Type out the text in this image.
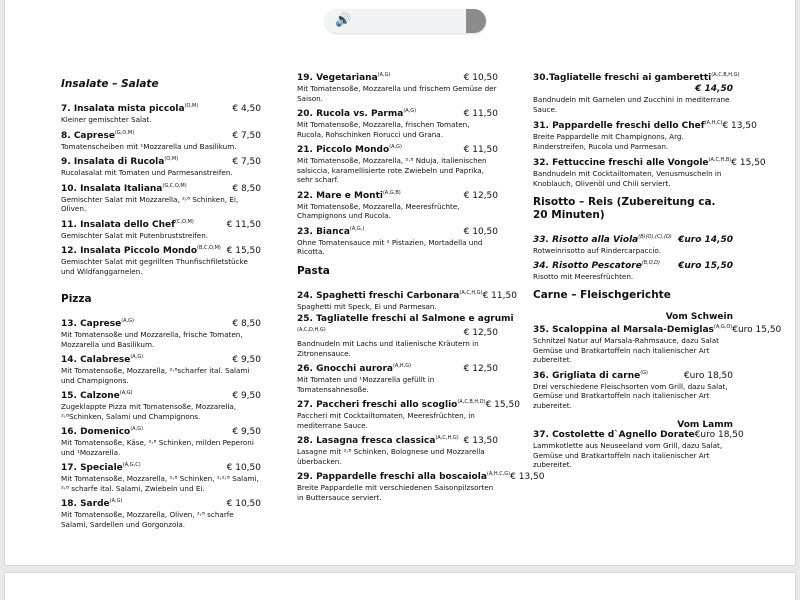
🔊
Insalate – Salate
7. Insalata mista piccola$^{(O,M)}$	€ 4,50
Kleiner gemischter Salat.
8. Caprese$^{(G,O,M)}$	€ 7,50
Tomatenscheiben mit ¹Mozzarella und Basilikum.
9. Insalata di Rucola$^{(O,M)}$	€ 7,50
Rucolasalat mit Tomaten und Parmesanstreifen.
10. Insalata Italiana$^{(G,C,O,M)}$	€ 8,50
Gemischter Salat mit Mozzarella, ²˒⁸ Schinken, Ei, Oliven.
11. Insalata dello Chef$^{(C,O,M)}$	€ 11,50
Gemischter Salat mit Putenbruststreifen.
12. Insalata Piccolo Mondo$^{(B,C,O,M)}$ € 15,50
Gemischter Salat mit gegrillten Thunfischfiletstücke und Wildfanggarnelen.
Pizza
13. Caprese$^{(A,G)}$	€ 8,50
Mit Tomatensoße und Mozzarella, frische Tomaten, Mozzarella und Basilikum.
14. Calabrese$^{(A,G)}$	€ 9,50
Mit Tomatensoße, Mozzarella, ²˒⁸scharfer ital. Salami und Champignons.
15. Calzone$^{(A,G)}$	€ 9,50
Zugeklappte Pizza mit Tomatensoße, Mozzarella, ²˒⁸Schinken, Salami und Champignons.
16. Domenico$^{(A,G)}$	€ 9,50
Mit Tomatensoße, Käse, ²˒⁸ Schinken, milden Peperoni und ¹Mozzarella.
17. Speciale$^{(A,G,C)}$	€ 10,50
Mit Tomatensoße, Mozzarella, ²˒⁸ Schinken, ¹˒²˒⁸ Salami, ²˒⁸ scharfe ital. Salami, Zwiebeln und Ei.
18. Sarde$^{(A,G)}$	€ 10,50
Mit Tomatensoße, Mozzarella, Oliven, ²˒⁸ scharfe Salami, Sardellen und Gorgonzola.
19. Vegetariana$^{(A,G)}$	€ 10,50
Mit Tomatensoße, Mozzarella und frischem Gemüse der Saison.
20. Rucola vs. Parma$^{(A,G)}$	€ 11,50
Mit Tomatensoße, Mozzarella, frischen Tomaten, Rucola, Rohschinken Fiorucci und Grana.
21. Piccolo Mondo$^{(A,G)}$	€ 11,50
Mit Tomatensoße, Mozzarella, ²˒⁸ Nduja, italienischen salsiccia, karamellisierte rote Zwiebeln und Paprika, sehr scharf.
22. Mare e Monti$^{(A,G,B)}$	€ 12,50
Mit Tomatensoße, Mozzarella, Meeresfrüchte, Champignons und Rucola.
23. Bianca$^{(A,G,)}$	€ 10,50
Ohne Tomatensauce mit ² Pistazien, Mortadella und Ricotta.
Pasta
24. Spaghetti freschi Carbonara$^{(A,C,H,G)}$ € 11,50
Spaghetti mit Speck, Ei und Parmesan.
25. Tagliatelle freschi al Salmone e agrumi
$^{(A,C,D,H,G)}$	€ 12,50
Bandnudeln mit Lachs und italienische Kräutern in Zitronensauce.
26. Gnocchi aurora$^{(A,H,G)}$	€ 12,50
Mit Tomaten und ¹Mozzarella gefüllt in Tomatensahnesoße.
27. Paccheri freschi allo scoglio$^{(A,C,B,H,D)}$ € 15,50
Paccheri mit Cocktailtomaten, Meeresfrüchten, in mediterrane Sauce.
28. Lasagna fresca classica$^{(A,C,H,G)}$ € 13,50
Lasagne mit ²˒⁸ Schinken, Bolognese und Mozzarella überbacken.
29. Pappardelle freschi alla boscaiola$^{(A,H,C,G)}$ € 13,50
Breite Pappardelle mit verschiedenen Saisonpilzsorten in Buttersauce serviert.
30.Tagliatelle freschi ai gamberetti$^{(A,C,B,H,G)}$
€ 14,50
Bandnudeln mit Garnelen und Zucchini in mediterrane Sauce.
31. Pappardelle freschi dello Chef$^{(A,H,C)}$ € 13,50
Breite Pappardelle mit Champignons, Arg. Rinderstreifen, Rucola und Parmesan.
32. Fettuccine freschi alle Vongole$^{(A,C,H,B)}$ € 15,50
Bandnudeln mit Cocktailtomaten, Venusmuscheln in Knoblauch, Olivenöl und Chili serviert.
Risotto – Reis (Zubereitung ca. 20 Minuten)
33. Risotto alla Viola$^{(B)(O),(C),(D)}$ €uro 14,50
Rotweinrisotto auf Rindercarpaccio.
34. Risotto Pescatore$^{(B,O,D)}$ €uro 15,50
Risotto mit Meeresfrüchten.
Carne – Fleischgerichte
Vom Schwein
35. Scaloppina al Marsala-Demiglas$^{(A,G,O)}$ €uro 15,50
Schnitzel Natur auf Marsala-Rahmsauce, dazu Salat Gemüse und Bratkartoffeln nach italienischer Art zubereitet.
36. Grigliata di carne$^{(G)}$	€uro 18,50
Drei verschiedene Fleischsorten vom Grill, dazu Salat, Gemüse und Bratkartoffeln nach italienischer Art zubereitet.
Vom Lamm
37. Costolette d`Agnello Dorate €uro 18,50
Lammkotlette aus Neuseeland vom Grill, dazu Salat, Gemüse und Bratkartoffeln nach italienischer Art zubereitet.
